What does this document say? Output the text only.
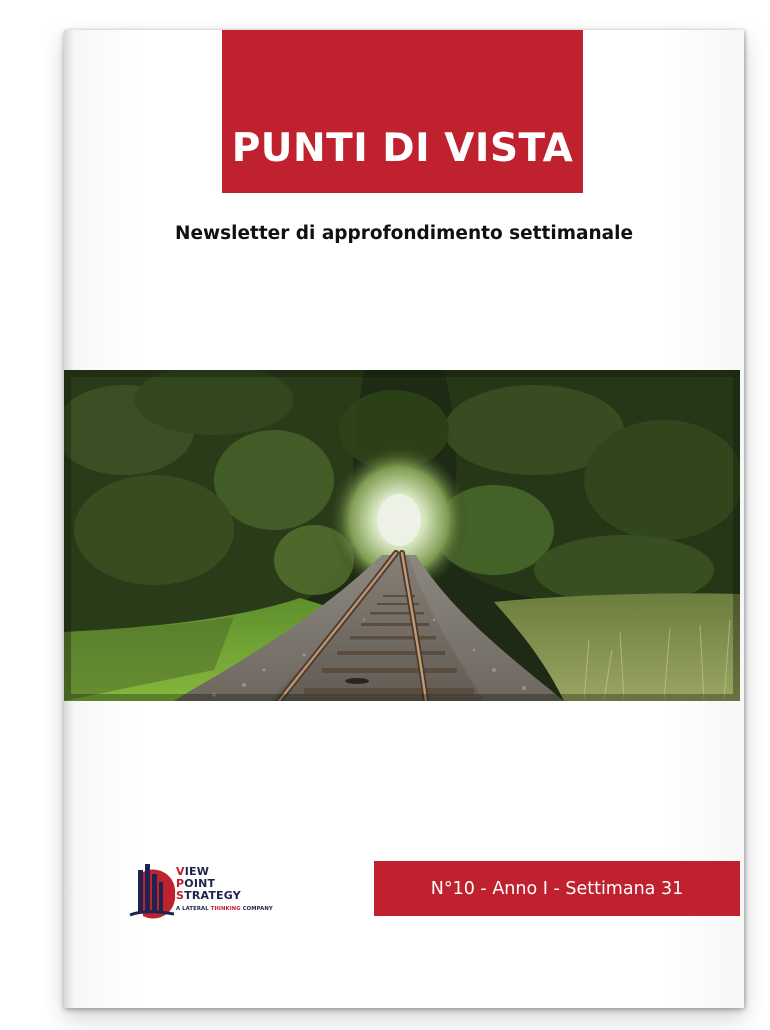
PUNTI DI VISTA
Newsletter di approfondimento settimanale
VIEW
POINT
STRATEGY
A LATERAL THINKING COMPANY
N°10 - Anno I - Settimana 31
